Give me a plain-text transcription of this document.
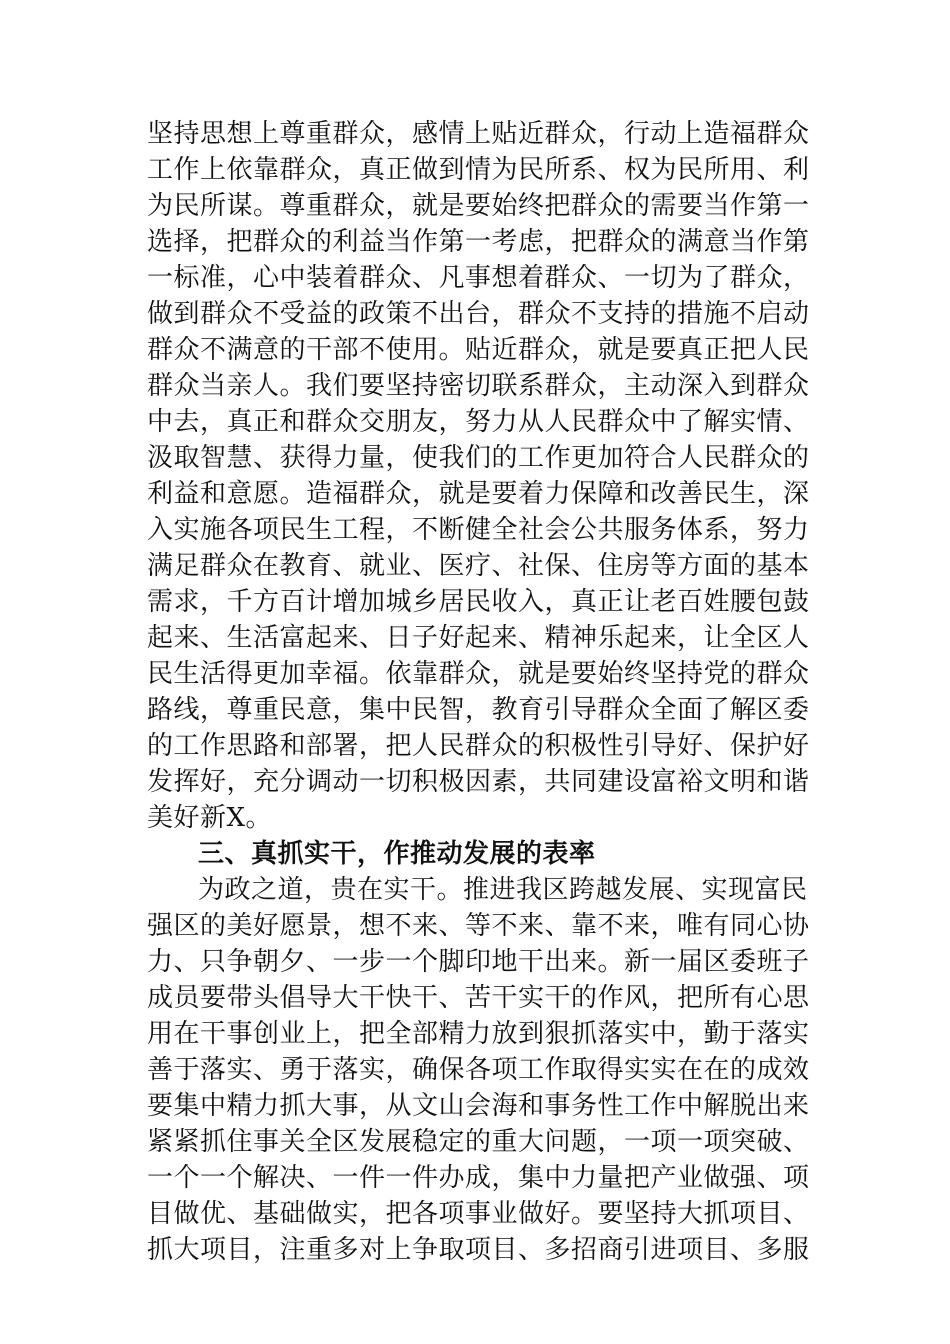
坚持思想上尊重群众，感情上贴近群众，行动上造福群众
工作上依靠群众，真正做到情为民所系、权为民所用、利
为民所谋。尊重群众，就是要始终把群众的需要当作第一
选择，把群众的利益当作第一考虑，把群众的满意当作第
一标准，心中装着群众、凡事想着群众、一切为了群众，
做到群众不受益的政策不出台，群众不支持的措施不启动
群众不满意的干部不使用。贴近群众，就是要真正把人民
群众当亲人。我们要坚持密切联系群众，主动深入到群众
中去，真正和群众交朋友，努力从人民群众中了解实情、
汲取智慧、获得力量，使我们的工作更加符合人民群众的
利益和意愿。造福群众，就是要着力保障和改善民生，深
入实施各项民生工程，不断健全社会公共服务体系，努力
满足群众在教育、就业、医疗、社保、住房等方面的基本
需求，千方百计增加城乡居民收入，真正让老百姓腰包鼓
起来、生活富起来、日子好起来、精神乐起来，让全区人
民生活得更加幸福。依靠群众，就是要始终坚持党的群众
路线，尊重民意，集中民智，教育引导群众全面了解区委
的工作思路和部署，把人民群众的积极性引导好、保护好
发挥好，充分调动一切积极因素，共同建设富裕文明和谐
美好新X。
三、真抓实干，作推动发展的表率
为政之道，贵在实干。推进我区跨越发展、实现富民
强区的美好愿景，想不来、等不来、靠不来，唯有同心协
力、只争朝夕、一步一个脚印地干出来。新一届区委班子
成员要带头倡导大干快干、苦干实干的作风，把所有心思
用在干事创业上，把全部精力放到狠抓落实中，勤于落实
善于落实、勇于落实，确保各项工作取得实实在在的成效
要集中精力抓大事，从文山会海和事务性工作中解脱出来
紧紧抓住事关全区发展稳定的重大问题，一项一项突破、
一个一个解决、一件一件办成，集中力量把产业做强、项
目做优、基础做实，把各项事业做好。要坚持大抓项目、
抓大项目，注重多对上争取项目、多招商引进项目、多服
